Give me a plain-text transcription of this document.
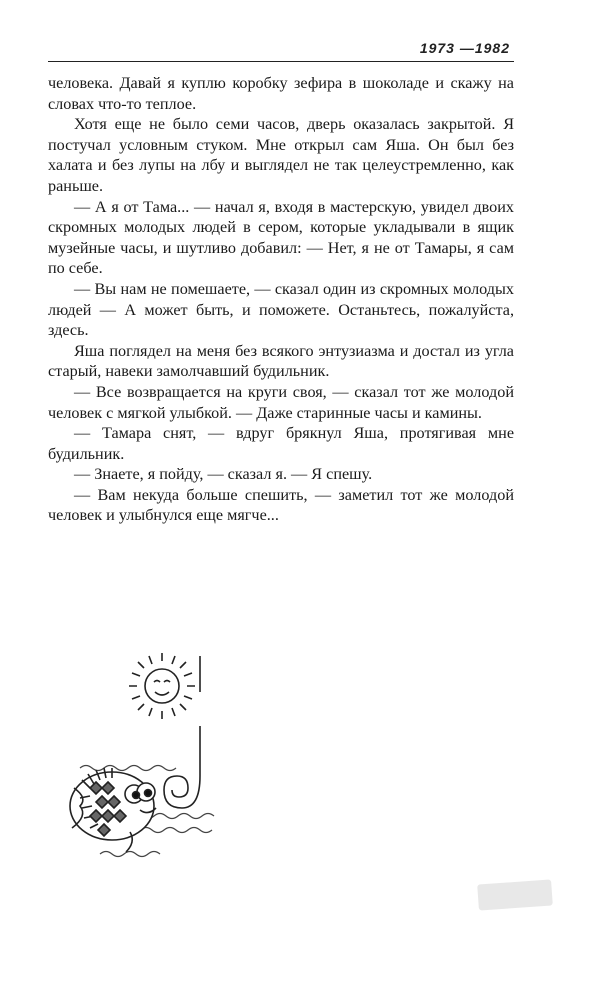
1973 —1982

человека. Давай я куплю коробку зефира в шоколаде и скажу на словах что-то теплое.

Хотя еще не было семи часов, дверь оказалась закрытой. Я постучал условным стуком. Мне открыл сам Яша. Он был без халата и без лупы на лбу и выглядел не так целеустремленно, как раньше.

— А я от Тама... — начал я, входя в мастерскую, увидел двоих скромных молодых людей в сером, которые укладывали в ящик музейные часы, и шутливо добавил: — Нет, я не от Тамары, я сам по себе.

— Вы нам не помешаете, — сказал один из скромных молодых людей — А может быть, и поможете. Останьтесь, пожалуйста, здесь.

Яша поглядел на меня без всякого энтузиазма и достал из угла старый, навеки замолчавший будильник.

— Все возвращается на круги своя, — сказал тот же молодой человек с мягкой улыбкой. — Даже старинные часы и камины.

— Тамара снят, — вдруг брякнул Яша, протягивая мне будильник.

— Знаете, я пойду, — сказал я. — Я спешу.

— Вам некуда больше спешить, — заметил тот же молодой человек и улыбнулся еще мягче...
